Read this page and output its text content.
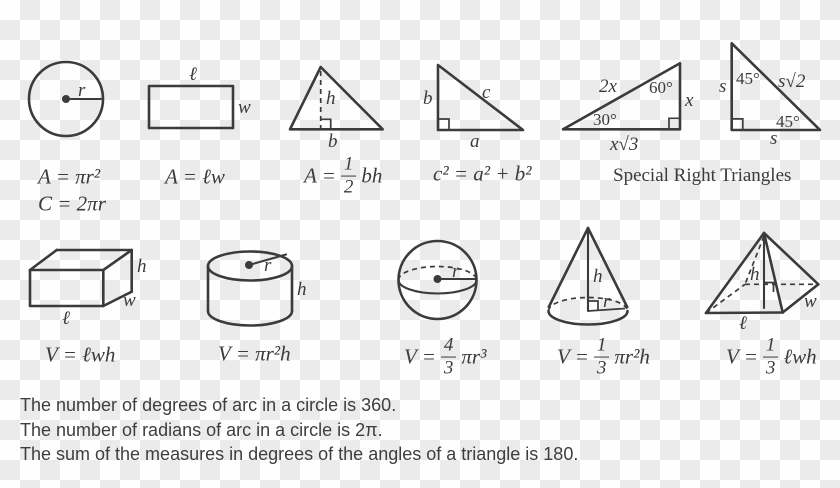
r
ℓ
w	h
b
b	c
a
2x 60°
30°
x
x√3
s 45° s√2
45°
s
h
w
ℓ
r
h
r	h
r
h
w
ℓ
A = πr²
C = 2πr
A = ℓw	$A = \frac{1}{2}$ bh c² = a² + b²	Special Right Triangles
V = ℓwh	V = πr²h	$V = \frac{4}{3} \pi r^3$	$V = \frac{1}{3} \pi r^2h$	$V = \frac{1}{3}$ ℓwh
The number of degrees of arc in a circle is 360.
The number of radians of arc in a circle is 2π.
The sum of the measures in degrees of the angles of a triangle is 180.
